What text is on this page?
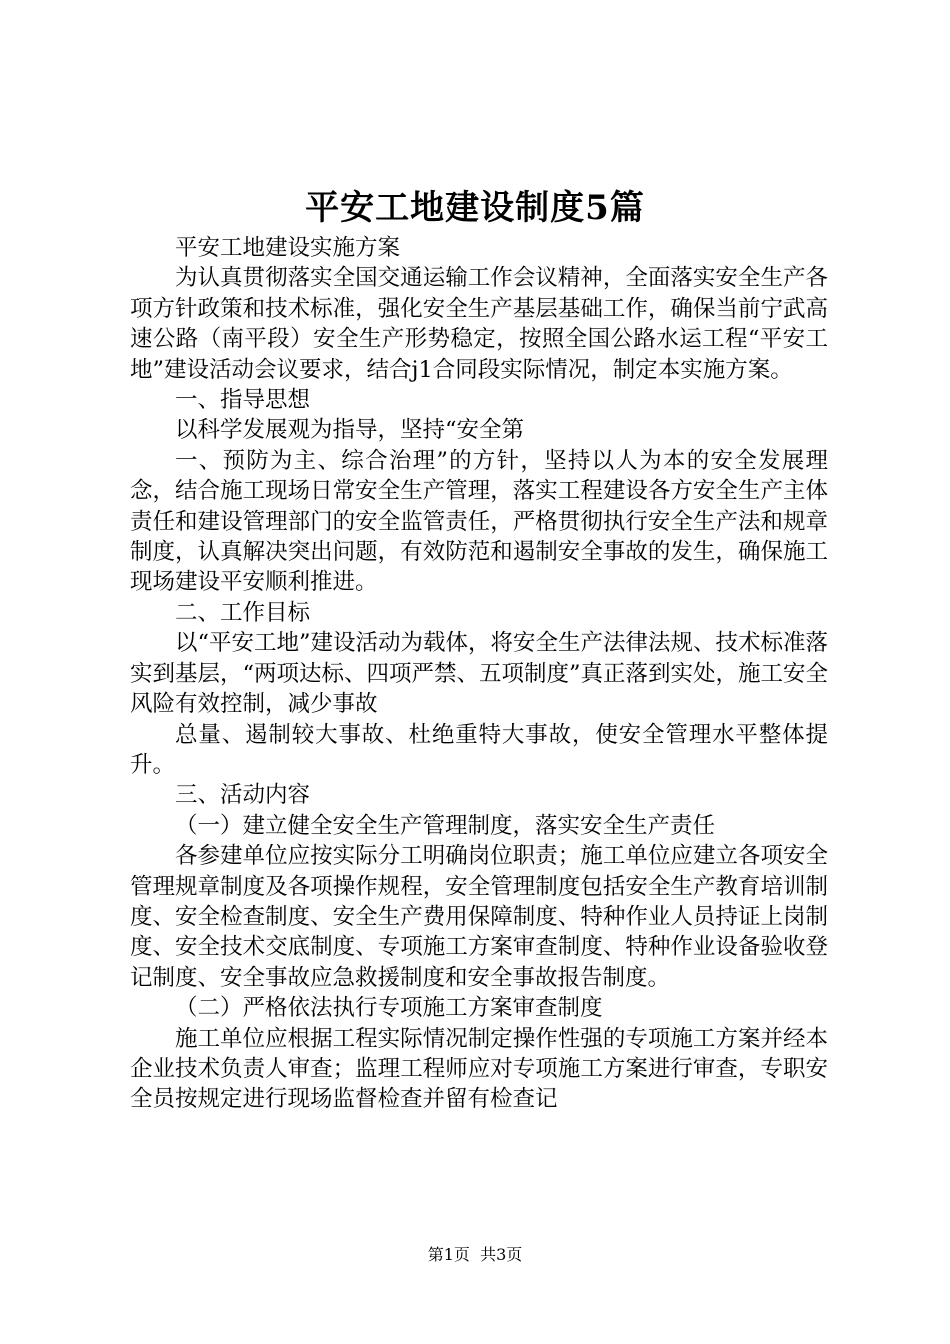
平安工地建设制度5篇

平安工地建设实施方案

为认真贯彻落实全国交通运输工作会议精神，全面落实安全生产各项方针政策和技术标准，强化安全生产基层基础工作，确保当前宁武高速公路（南平段）安全生产形势稳定，按照全国公路水运工程“平安工地”建设活动会议要求，结合j1合同段实际情况，制定本实施方案。

一、指导思想

以科学发展观为指导，坚持“安全第

一、预防为主、综合治理”的方针，坚持以人为本的安全发展理念，结合施工现场日常安全生产管理，落实工程建设各方安全生产主体责任和建设管理部门的安全监管责任，严格贯彻执行安全生产法和规章制度，认真解决突出问题，有效防范和遏制安全事故的发生，确保施工现场建设平安顺利推进。

二、工作目标

以“平安工地”建设活动为载体，将安全生产法律法规、技术标准落实到基层，“两项达标、四项严禁、五项制度”真正落到实处，施工安全风险有效控制，减少事故

总量、遏制较大事故、杜绝重特大事故，使安全管理水平整体提升。

三、活动内容

（一）建立健全安全生产管理制度，落实安全生产责任

各参建单位应按实际分工明确岗位职责；施工单位应建立各项安全管理规章制度及各项操作规程，安全管理制度包括安全生产教育培训制度、安全检查制度、安全生产费用保障制度、特种作业人员持证上岗制度、安全技术交底制度、专项施工方案审查制度、特种作业设备验收登记制度、安全事故应急救援制度和安全事故报告制度。

（二）严格依法执行专项施工方案审查制度

施工单位应根据工程实际情况制定操作性强的专项施工方案并经本企业技术负责人审查；监理工程师应对专项施工方案进行审查，专职安全员按规定进行现场监督检查并留有检查记

第1页 共3页
